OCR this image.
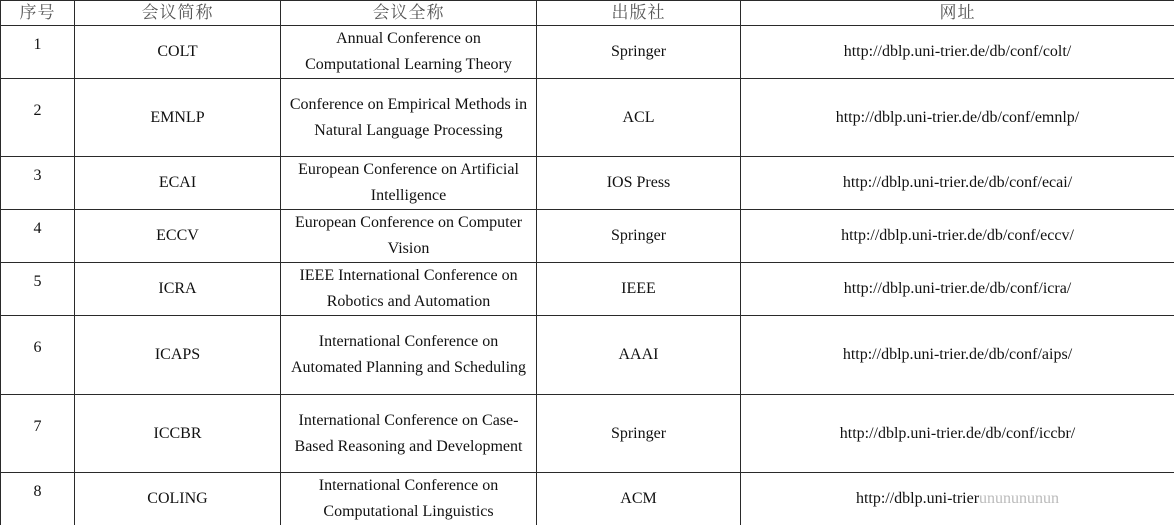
序号	会议简称	会议全称	出版社	网址
1	COLT	Annual Conference on Computational Learning Theory	Springer	http://dblp.uni-trier.de/db/conf/colt/
2	EMNLP	Conference on Empirical Methods in Natural Language Processing	ACL	http://dblp.uni-trier.de/db/conf/emnlp/
3	ECAI	European Conference on Artificial Intelligence	IOS Press	http://dblp.uni-trier.de/db/conf/ecai/
4	ECCV	European Conference on Computer Vision	Springer	http://dblp.uni-trier.de/db/conf/eccv/
5	ICRA	IEEE International Conference on Robotics and Automation	IEEE	http://dblp.uni-trier.de/db/conf/icra/
6	ICAPS	International Conference on Automated Planning and Scheduling	AAAI	http://dblp.uni-trier.de/db/conf/aips/
7	ICCBR	International Conference on Case-Based Reasoning and Development	Springer	http://dblp.uni-trier.de/db/conf/iccbr/
8	COLING	International Conference on Computational Linguistics	ACM	http://dblp.uni-trierununununun
